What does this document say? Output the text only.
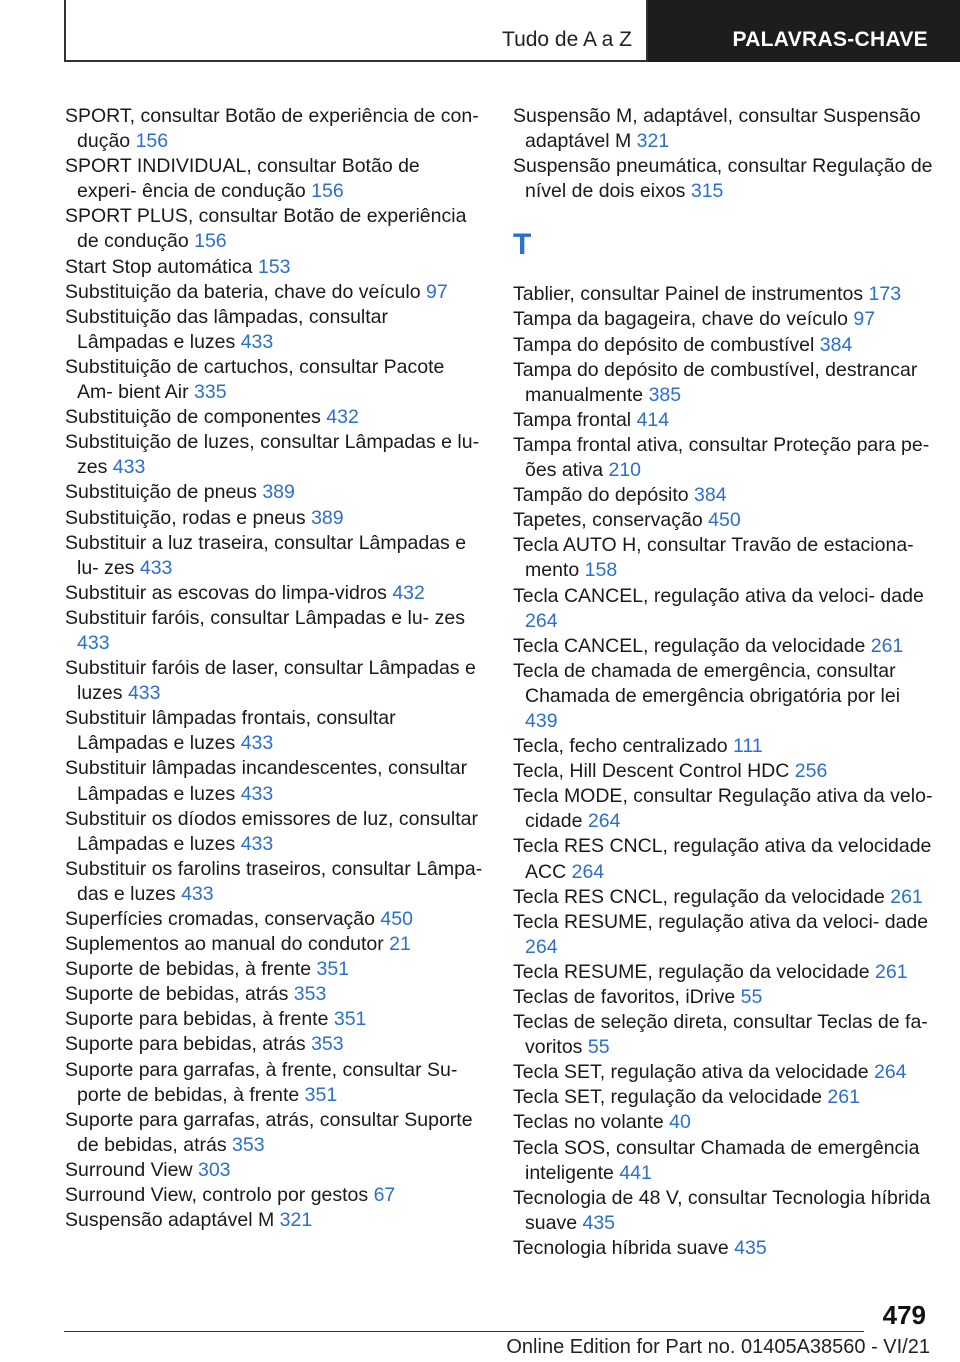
Tudo de A a Z	PALAVRAS-CHAVE

SPORT, consultar Botão de experiência de con- dução 156

SPORT INDIVIDUAL, consultar Botão de experi- ência de condução 156

SPORT PLUS, consultar Botão de experiência de condução 156

Start Stop automática 153

Substituição da bateria, chave do veículo 97

Substituição das lâmpadas, consultar Lâmpadas e luzes 433

Substituição de cartuchos, consultar Pacote Am- bient Air 335

Substituição de componentes 432

Substituição de luzes, consultar Lâmpadas e lu- zes 433

Substituição de pneus 389

Substituição, rodas e pneus 389

Substituir a luz traseira, consultar Lâmpadas e lu- zes 433

Substituir as escovas do limpa-vidros 432

Substituir faróis, consultar Lâmpadas e lu- zes 433

Substituir faróis de laser, consultar Lâmpadas e luzes 433

Substituir lâmpadas frontais, consultar Lâmpadas e luzes 433

Substituir lâmpadas incandescentes, consultar Lâmpadas e luzes 433

Substituir os díodos emissores de luz, consultar Lâmpadas e luzes 433

Substituir os farolins traseiros, consultar Lâmpa- das e luzes 433

Superfícies cromadas, conservação 450

Suplementos ao manual do condutor 21

Suporte de bebidas, à frente 351

Suporte de bebidas, atrás 353

Suporte para bebidas, à frente 351

Suporte para bebidas, atrás 353

Suporte para garrafas, à frente, consultar Su- porte de bebidas, à frente 351

Suporte para garrafas, atrás, consultar Suporte de bebidas, atrás 353

Surround View 303

Surround View, controlo por gestos 67

Suspensão adaptável M 321

Suspensão M, adaptável, consultar Suspensão adaptável M 321

Suspensão pneumática, consultar Regulação de nível de dois eixos 315

T

Tablier, consultar Painel de instrumentos 173

Tampa da bagageira, chave do veículo 97

Tampa do depósito de combustível 384

Tampa do depósito de combustível, destrancar manualmente 385

Tampa frontal 414

Tampa frontal ativa, consultar Proteção para pe- ões ativa 210

Tampão do depósito 384

Tapetes, conservação 450

Tecla AUTO H, consultar Travão de estaciona- mento 158

Tecla CANCEL, regulação ativa da veloci- dade 264

Tecla CANCEL, regulação da velocidade 261

Tecla de chamada de emergência, consultar Chamada de emergência obrigatória por lei 439

Tecla, fecho centralizado 111

Tecla, Hill Descent Control HDC 256

Tecla MODE, consultar Regulação ativa da velo- cidade 264

Tecla RES CNCL, regulação ativa da velocidade ACC 264

Tecla RES CNCL, regulação da velocidade 261

Tecla RESUME, regulação ativa da veloci- dade 264

Tecla RESUME, regulação da velocidade 261

Teclas de favoritos, iDrive 55

Teclas de seleção direta, consultar Teclas de fa- voritos 55

Tecla SET, regulação ativa da velocidade 264

Tecla SET, regulação da velocidade 261

Teclas no volante 40

Tecla SOS, consultar Chamada de emergência inteligente 441

Tecnologia de 48 V, consultar Tecnologia híbrida suave 435

Tecnologia híbrida suave 435

479
Online Edition for Part no. 01405A38560 - VI/21
